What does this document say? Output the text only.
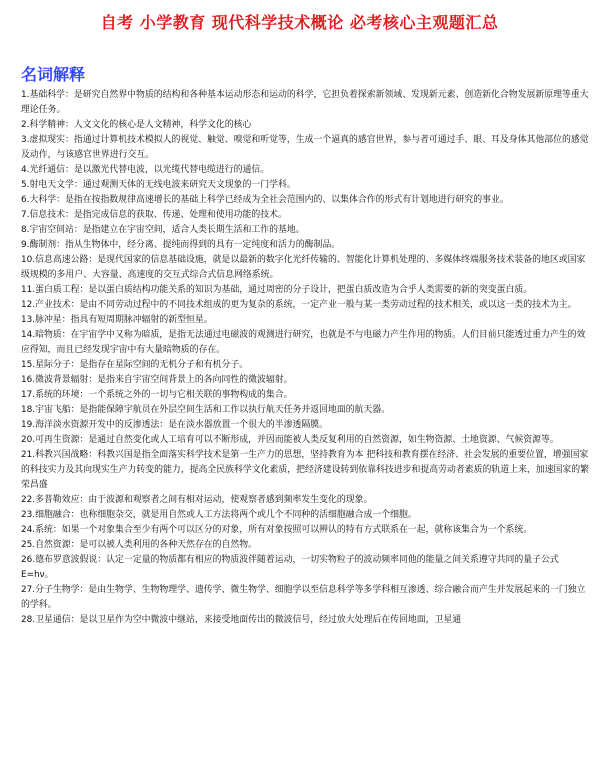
自考 小学教育 现代科学技术概论 必考核心主观题汇总
名词解释

1.基础科学：是研究自然界中物质的结构和各种基本运动形态和运动的科学，它担负着探索新领域、发现新元素、创造新化合物发展新原理等重大理论任务。

2.科学精神：人文文化的核心是人文精神，科学文化的核心

3.虚拟现实：指通过计算机技术模拟人的视觉、触觉、嗅觉和听觉等，生成一个逼真的感官世界，参与者可通过手、眼、耳及身体其他部位的感觉及动作，与该感官世界进行交互。

4.光纤通信：是以激光代替电波，以光缆代替电缆进行的通信。

5.射电天文学：通过观测天体的无线电波来研究天文现象的一门学科。

6.大科学：是指在按指数规律高速增长的基础上科学已经成为全社会范围内的、以集体合作的形式有计划地进行研究的事业。

7.信息技术：是指完成信息的获取、传递、处理和使用功能的技术。

8.宇宙空间站：是指建立在宇宙空间，适合人类长期生活和工作的基地。

9.酶制剂：指从生物体中，经分离、提纯而得到的具有一定纯度和活力的酶制品。

10.信息高速公路：是现代国家的信息基础设施，就是以最新的数字化光纤传输的、智能化计算机处理的、多媒体终端服务技术装备的地区或国家级规模的多用户、大容量、高速度的交互式综合式信息网络系统。

11.蛋白质工程：是以蛋白质结构功能关系的知识为基础，通过周密的分子设计，把蛋白质改造为合乎人类需要的新的突变蛋白质。

12.产业技术：是由不同劳动过程中的不同技术组成的更为复杂的系统，一定产业一般与某一类劳动过程的技术相关，或以这一类的技术为主。

13.脉冲星：指具有短周期脉冲辐射的新型恒星。

14.暗物质：在宇宙学中又称为暗质，是指无法通过电磁波的观测进行研究，也就是不与电磁力产生作用的物质。人们目前只能透过重力产生的效应得知，而且已经发现宇宙中有大量暗物质的存在。

15.星际分子：是指存在星际空间的无机分子和有机分子。

16.微波背景辐射：是指来自宇宙空间背景上的各向同性的微波辐射。

17.系统的环境：一个系统之外的一切与它相关联的事物构成的集合。

18.宇宙飞船：是指能保障宇航员在外层空间生活和工作以执行航天任务并返回地面的航天器。

19.海洋淡水资源开发中的反渗透法：是在淡水器放置一个很大的半渗透隔膜。

20.可再生资源：是通过自然变化或人工培育可以不断形成，并因而能被人类反复利用的自然资源，如生物资源、土地资源、气候资源等。

21.科教兴国战略：科教兴国是指全面落实科学技术是第一生产力的思想，坚持教育为本 把科技和教育摆在经济、社会发展的重要位置，增强国家的科技实力及其向现实生产力转变的能力，提高全民族科学文化素质，把经济建设转到依靠科技进步和提高劳动者素质的轨道上来，加速国家的繁荣昌盛

22.多普勒效应：由于波源和观察者之间有相对运动，使观察者感到频率发生变化的现象。

23.细胞融合：也称细胞杂交，就是用自然或人工方法将两个或几个不同种的活细胞融合成一个细胞。

24.系统：如果一个对象集合至少有两个可以区分的对象，所有对象按照可以辨认的特有方式联系在一起，就称该集合为一个系统。

25.自然资源：是可以被人类利用的各种天然存在的自然物。

26.德布罗意波假说：认定一定量的物质都有相应的物质波伴随着运动，一切实物粒子的波动频率同他的能量之间关系遵守共同的量子公式 E=hν。

27.分子生物学：是由生物学、生物物理学、遗传学、微生物学、细胞学以至信息科学等多学科相互渗透、综合融合而产生并发展起来的一门独立的学科。

28.卫星通信：是以卫星作为空中微波中继站，来接受地面传出的微波信号，经过放大处理后在传回地面，卫星通
